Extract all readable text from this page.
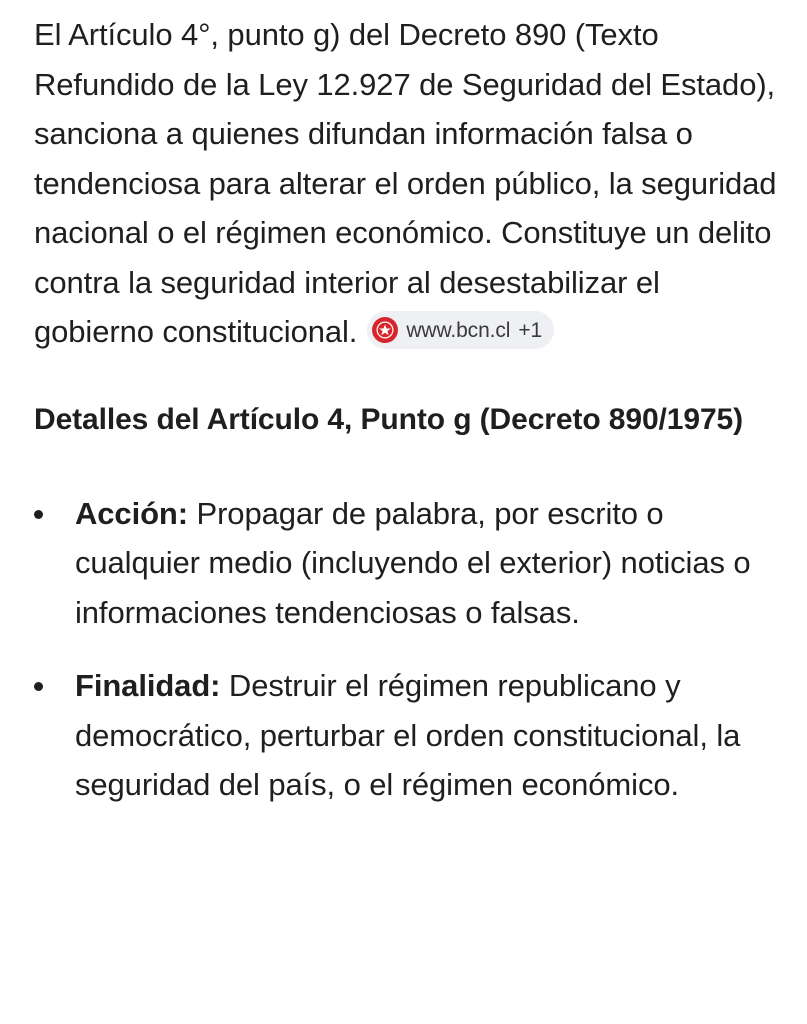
El Artículo 4°, punto g) del Decreto 890 (Texto Refundido de la Ley 12.927 de Seguridad del Estado), sanciona a quienes difundan información falsa o tendenciosa para alterar el orden público, la seguridad nacional o el régimen económico. Constituye un delito contra la seguridad interior al desestabilizar el gobierno constitucional. www.bcn.cl +1

Detalles del Artículo 4, Punto g (Decreto 890/1975)
Acción: Propagar de palabra, por escrito o cualquier medio (incluyendo el exterior) noticias o informaciones tendenciosas o falsas.
Finalidad: Destruir el régimen republicano y democrático, perturbar el orden constitucional, la seguridad del país, o el régimen económico.
